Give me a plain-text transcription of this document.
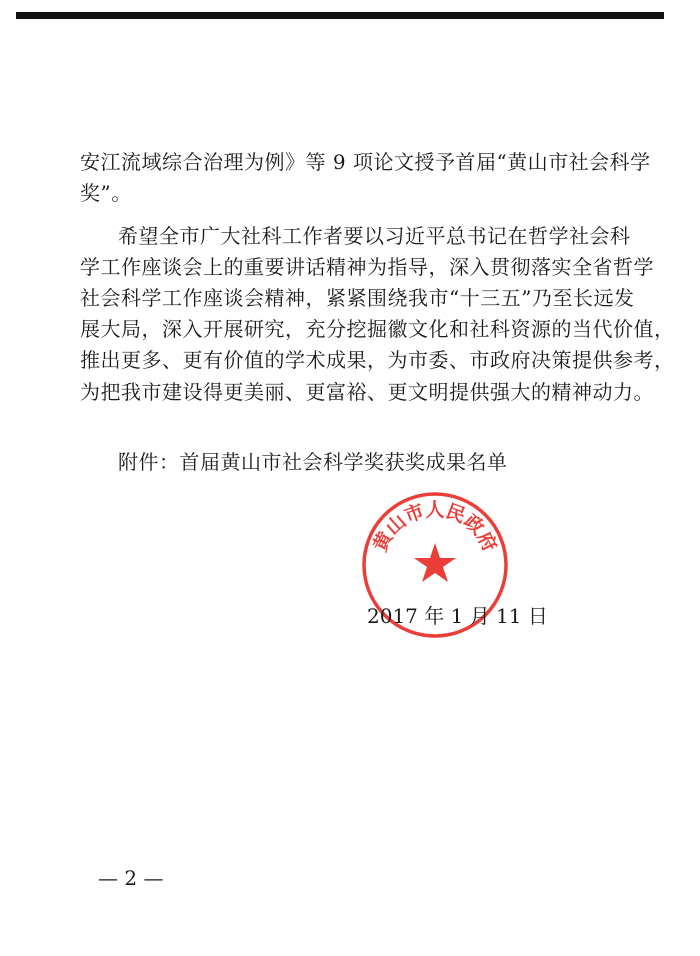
安江流域综合治理为例》等 9 项论文授予首届“黄山市社会科学
奖”。
希望全市广大社科工作者要以习近平总书记在哲学社会科
学工作座谈会上的重要讲话精神为指导，深入贯彻落实全省哲学
社会科学工作座谈会精神，紧紧围绕我市“十三五”乃至长远发
展大局，深入开展研究，充分挖掘徽文化和社科资源的当代价值，
推出更多、更有价值的学术成果，为市委、市政府决策提供参考，
为把我市建设得更美丽、更富裕、更文明提供强大的精神动力。
附件：首届黄山市社会科学奖获奖成果名单
黄山市人民政府
2017 年 1 月 11 日
— 2 —
